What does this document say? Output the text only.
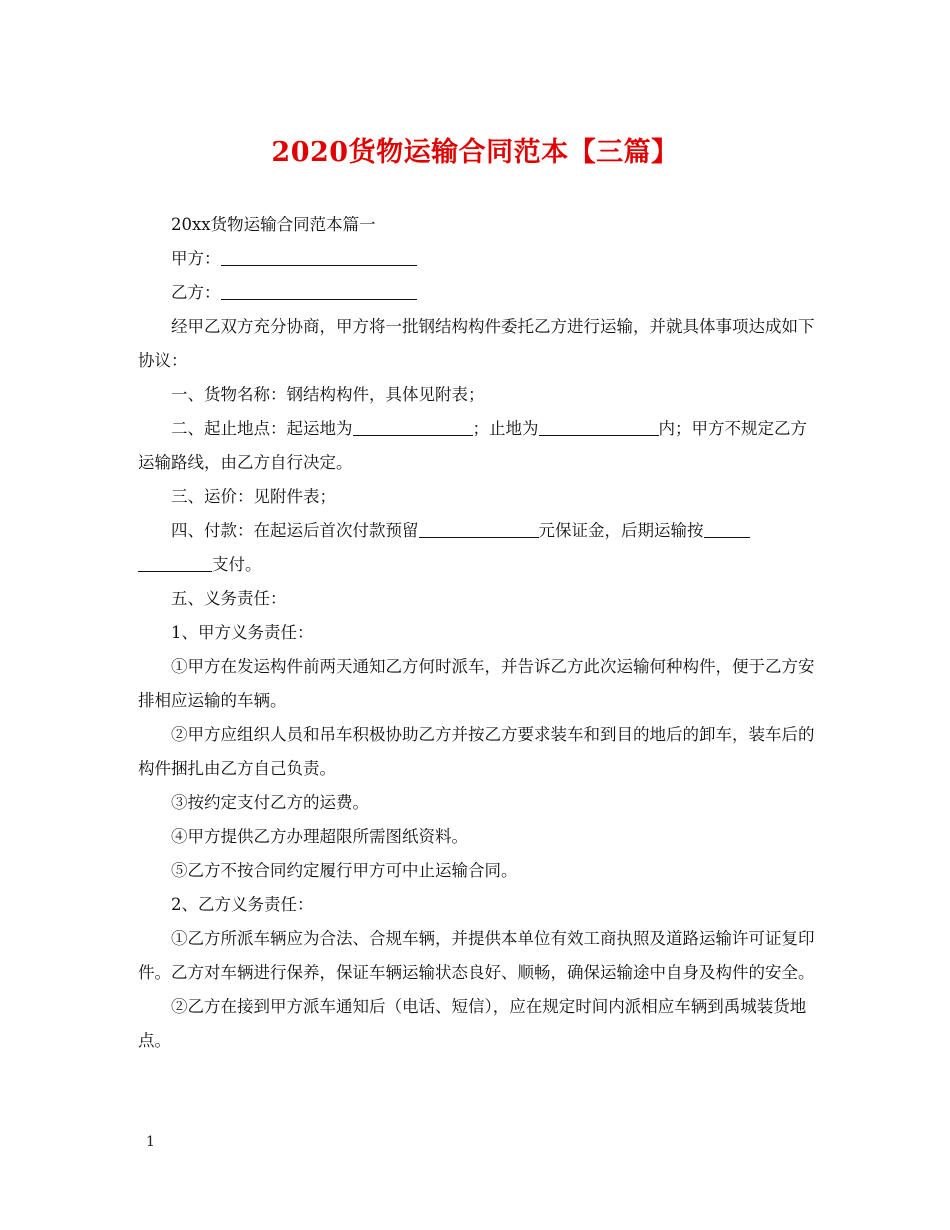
2020货物运输合同范本【三篇】

20xx货物运输合同范本篇一

甲方：

乙方：

经甲乙双方充分协商，甲方将一批钢结构构件委托乙方进行运输，并就具体事项达成如下协议：

一、货物名称：钢结构构件，具体见附表；

二、起止地点：起运地为	；止地为	内；甲方不规定乙方运输路线，由乙方自行决定。

三、运价：见附件表；

四、付款：在起运后首次付款预留	元保证金，后期运输按支付。

五、义务责任：

1、甲方义务责任：

①甲方在发运构件前两天通知乙方何时派车，并告诉乙方此次运输何种构件，便于乙方安排相应运输的车辆。

②甲方应组织人员和吊车积极协助乙方并按乙方要求装车和到目的地后的卸车，装车后的构件捆扎由乙方自己负责。

③按约定支付乙方的运费。

④甲方提供乙方办理超限所需图纸资料。

⑤乙方不按合同约定履行甲方可中止运输合同。

2、乙方义务责任：

①乙方所派车辆应为合法、合规车辆，并提供本单位有效工商执照及道路运输许可证复印件。乙方对车辆进行保养，保证车辆运输状态良好、顺畅，确保运输途中自身及构件的安全。

②乙方在接到甲方派车通知后（电话、短信），应在规定时间内派相应车辆到禹城装货地点。

1
